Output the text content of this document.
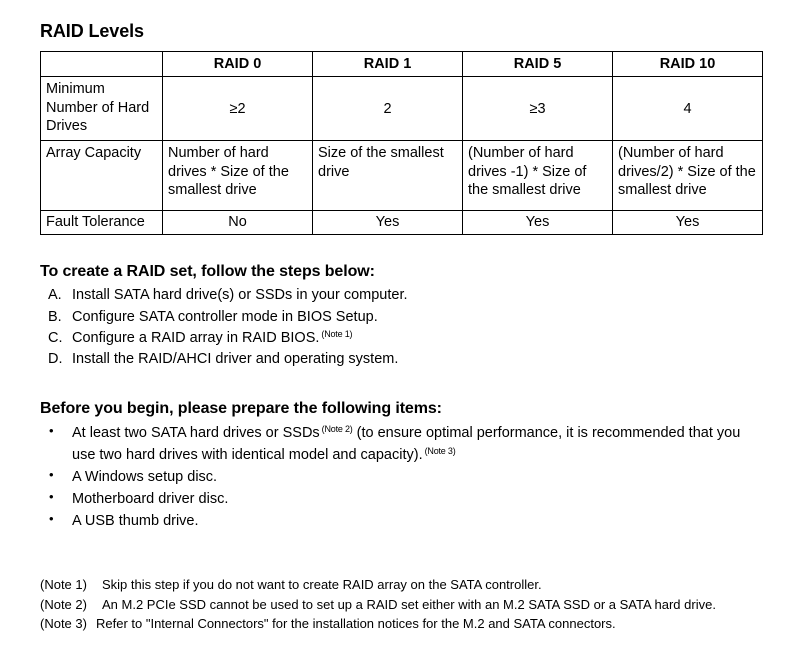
RAID Levels
	RAID 0	RAID 1	RAID 5	RAID 10
Minimum Number of Hard Drives	≥2	2	≥3	4
Array Capacity	Number of hard drives * Size of the smallest drive	Size of the smallest drive	(Number of hard drives -1) * Size of the smallest drive	(Number of hard drives/2) * Size of the smallest drive
Fault Tolerance	No	Yes	Yes	Yes
To create a RAID set, follow the steps below:
A. Install SATA hard drive(s) or SSDs in your computer.
B. Configure SATA controller mode in BIOS Setup.
C. Configure a RAID array in RAID BIOS. $^{(Note 1)}$
D. Install the RAID/AHCI driver and operating system.
Before you begin, please prepare the following items:
• At least two SATA hard drives or SSDs $^{(Note 2)}$ (to ensure optimal performance, it is recommended that you use two hard drives with identical model and capacity). $^{(Note 3)}$
• A Windows setup disc.
• Motherboard driver disc.
• A USB thumb drive.
(Note 1) Skip this step if you do not want to create RAID array on the SATA controller.
(Note 2) An M.2 PCIe SSD cannot be used to set up a RAID set either with an M.2 SATA SSD or a SATA hard drive.
(Note 3) Refer to "Internal Connectors" for the installation notices for the M.2 and SATA connectors.
